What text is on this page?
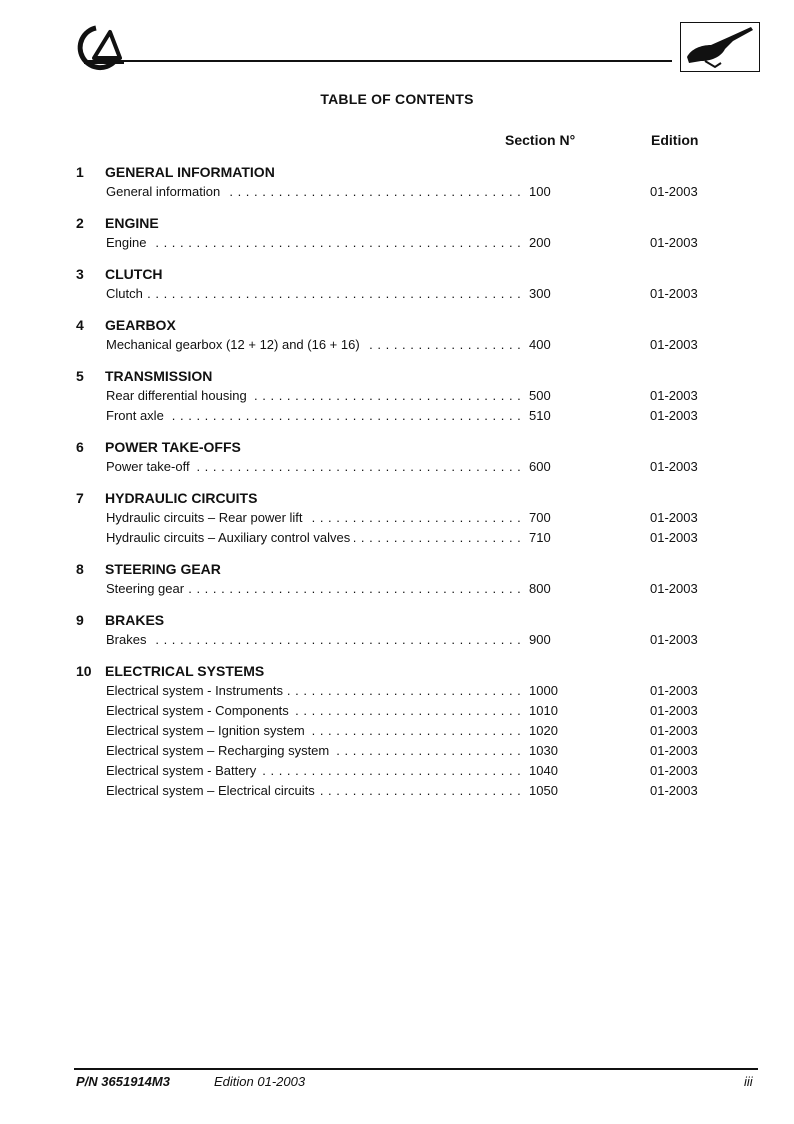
TABLE OF CONTENTS
Section N°	Edition
1 GENERAL INFORMATION
General information . . .	100	01-2003
2 ENGINE
Engine . . .	200	01-2003
3 CLUTCH
Clutch . . .	300	01-2003
4 GEARBOX
Mechanical gearbox (12 + 12) and (16 + 16) . . .	400	01-2003
5 TRANSMISSION
Rear differential housing . . .	500	01-2003
Front axle . . .	510	01-2003
6 POWER TAKE-OFFS
Power take-off . . .	600	01-2003
7 HYDRAULIC CIRCUITS
Hydraulic circuits – Rear power lift . . .	700	01-2003
Hydraulic circuits – Auxiliary control valves . . .	710	01-2003
8 STEERING GEAR
Steering gear . . .	800	01-2003
9 BRAKES
Brakes . . .	900	01-2003
10 ELECTRICAL SYSTEMS
Electrical system - Instruments . . .	1000	01-2003
Electrical system - Components . . .	1010	01-2003
Electrical system – Ignition system . . .	1020	01-2003
Electrical system – Recharging system . . .	1030	01-2003
Electrical system - Battery . . .	1040	01-2003
Electrical system – Electrical circuits . . .	1050	01-2003
P/N 3651914M3	Edition 01-2003	iii
